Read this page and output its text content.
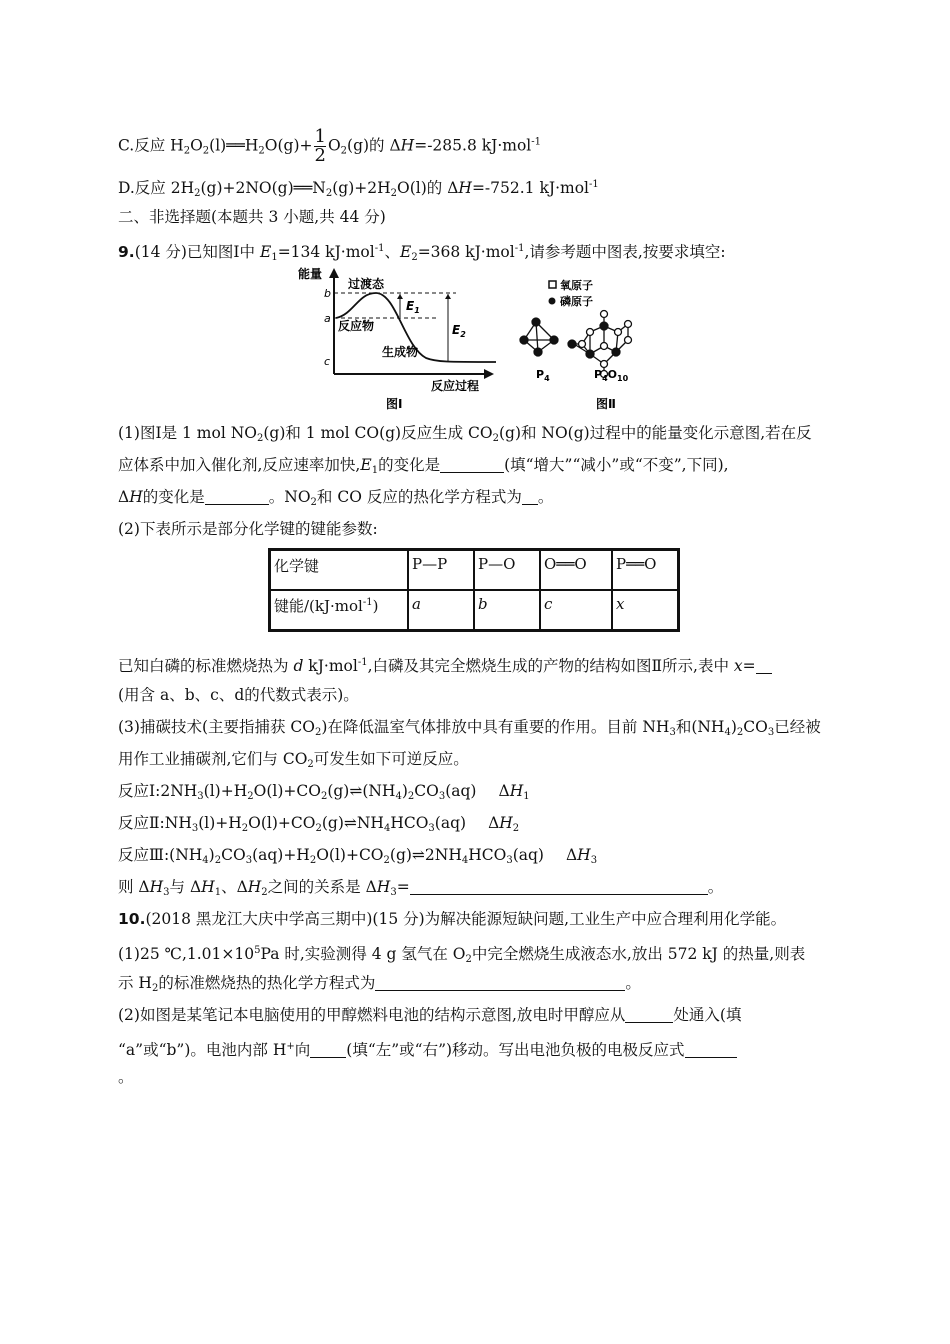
C.反应 $H_2O_2(l)══H_2O(g)+ \frac{1}{2} O_2(g)$的 ΔH=-285.8 kJ·mol$^{-1}$
D.反应 $2H_2(g)+2NO(g)══N_2(g)+2H_2O(l)$的 ΔH=-752.1 kJ·mol$^{-1}$
二、非选择题(本题共 3 小题,共 44 分)
9.(14 分)已知图Ⅰ中 $E_1=134$ kJ·mol$^{-1}$、$E_2=368$ kJ·mol$^{-1}$,请参考题中图表,按要求填空:
能量
过渡态
b
a
c
反应物
生成物
$E_1$
$E_2$
反应过程
图Ⅰ
氧原子
磷原子
$P_4$	$P_4O_{10}$
图Ⅱ
(1)图Ⅰ是 1 mol $NO_2(g)$和 1 mol CO(g)反应生成 $CO_2(g)$和 NO(g)过程中的能量变化示意图,若在反
应体系中加入催化剂,反应速率加快$,E_1$的变化是	(填“增大”“减小”或“不变”,下同),
ΔH的变化是	。$NO_2$和 CO 反应的热化学方程式为 。
(2)下表所示是部分化学键的键能参数:
化学键	P—P	P—O	O══O	P══O
键能/(kJ·mol$^{-1}$)	a	b	c	x
已知白磷的标准燃烧热为 d kJ·mol$^{-1}$,白磷及其完全燃烧生成的产物的结构如图Ⅱ所示,表中 x=
(用含 a、b、c、d的代数式表示)。
(3)捕碳技术(主要指捕获 $CO_2$)在降低温室气体排放中具有重要的作用。目前 $NH_3$和$(NH_4)_2CO_3$已经被
用作工业捕碳剂,它们与 $CO_2$可发生如下可逆反应。
反应$Ⅰ:2NH_3(l)+H_2O(l)+CO_2(g)\rightleftharpoons(NH_4)_2CO_3(aq)$ $\Delta H_1$
反应$Ⅱ:NH_3(l)+H_2O(l)+CO_2(g)\rightleftharpoons NH_4HCO_3(aq)$ $\Delta H_2$
反应$Ⅲ:(NH_4)_2CO_3(aq)+H_2O(l)+CO_2(g)\rightleftharpoons 2NH_4HCO_3(aq)$ $\Delta H_3$
则 $\Delta H_3$与 $\Delta H_1$、$\Delta H_2$之间的关系是 $\Delta H_3=$	。
10.(2018 黑龙江大庆中学高三期中)(15 分)为解决能源短缺问题,工业生产中应合理利用化学能。
(1)25 $℃,1.01\times 10^5Pa$ 时,实验测得 4 g 氢气在 $O_2$中完全燃烧生成液态水,放出 572 kJ 的热量,则表
示 $H_2$的标准燃烧热的热化学方程式为	。
(2)如图是某笔记本电脑使用的甲醇燃料电池的结构示意图,放电时甲醇应从	处通入(填
“a”或“b”)。电池内部 H+向 (填“左”或“右”)移动。写出电池负极的电极反应式
。
